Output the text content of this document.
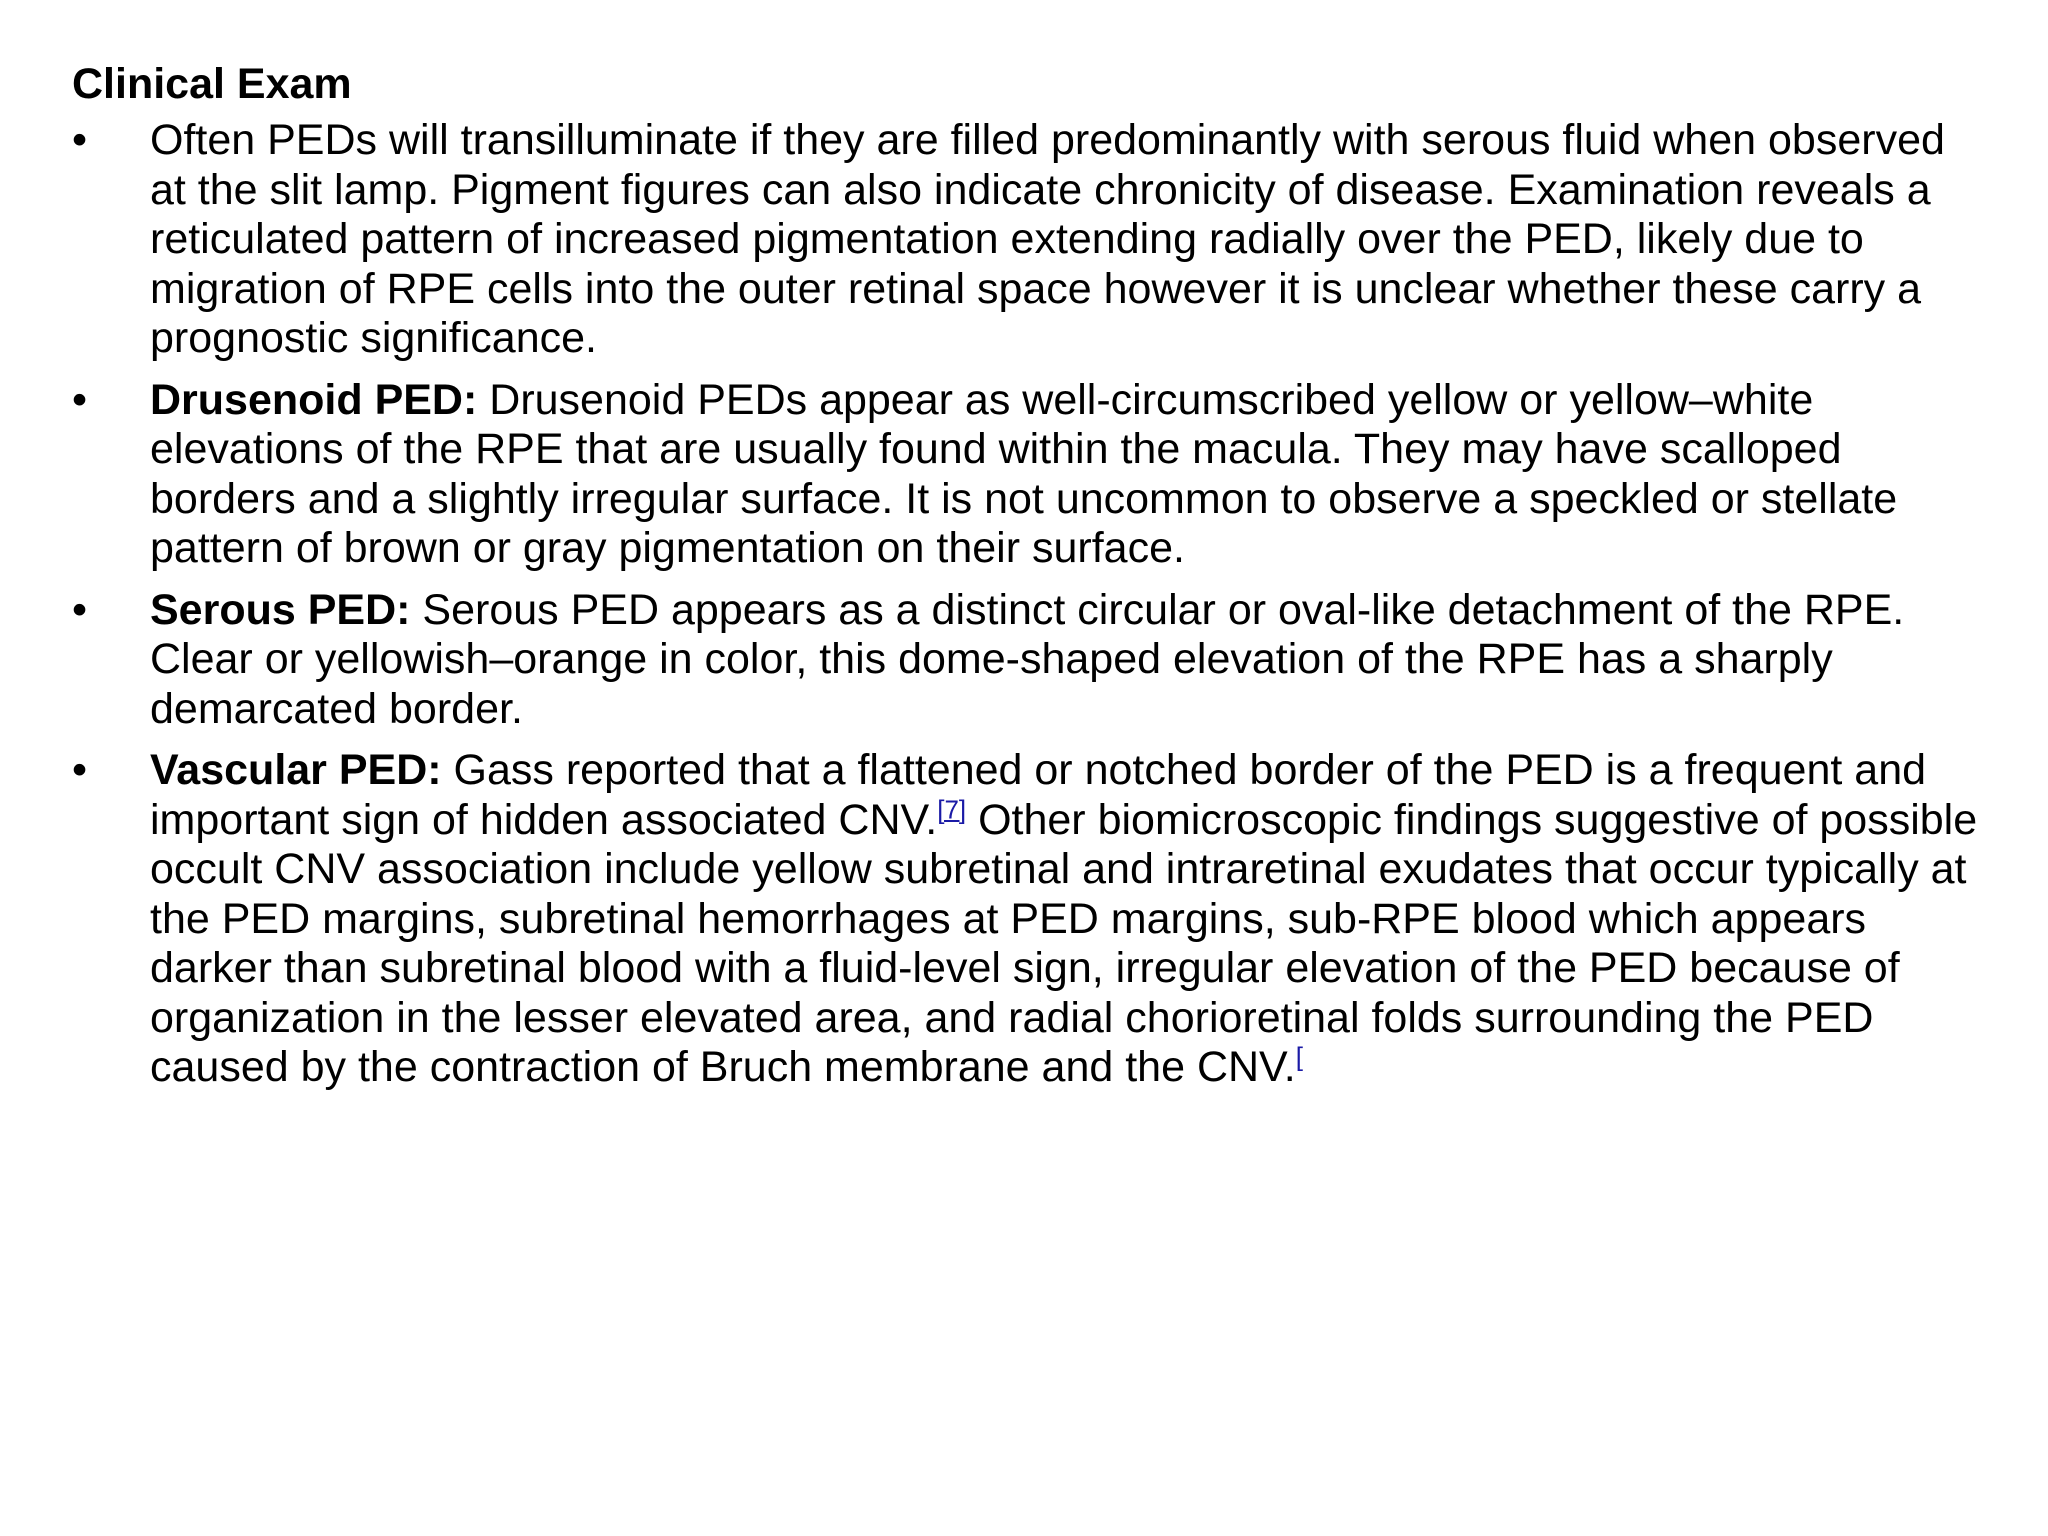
Clinical Exam
•	Often PEDs will transilluminate if they are filled predominantly with serous fluid when observed at the slit lamp. Pigment figures can also indicate chronicity of disease. Examination reveals a reticulated pattern of increased pigmentation extending radially over the PED, likely due to migration of RPE cells into the outer retinal space however it is unclear whether these carry a prognostic significance.
•	Drusenoid PED: Drusenoid PEDs appear as well-circumscribed yellow or yellow–white elevations of the RPE that are usually found within the macula. They may have scalloped borders and a slightly irregular surface. It is not uncommon to observe a speckled or stellate pattern of brown or gray pigmentation on their surface.
•	Serous PED: Serous PED appears as a distinct circular or oval-like detachment of the RPE. Clear or yellowish–orange in color, this dome-shaped elevation of the RPE has a sharply demarcated border.
•	Vascular PED: Gass reported that a flattened or notched border of the PED is a frequent and important sign of hidden associated CNV.[7] Other biomicroscopic findings suggestive of possible occult CNV association include yellow subretinal and intraretinal exudates that occur typically at the PED margins, subretinal hemorrhages at PED margins, sub-RPE blood which appears darker than subretinal blood with a fluid-level sign, irregular elevation of the PED because of organization in the lesser elevated area, and radial chorioretinal folds surrounding the PED caused by the contraction of Bruch membrane and the CNV.[
